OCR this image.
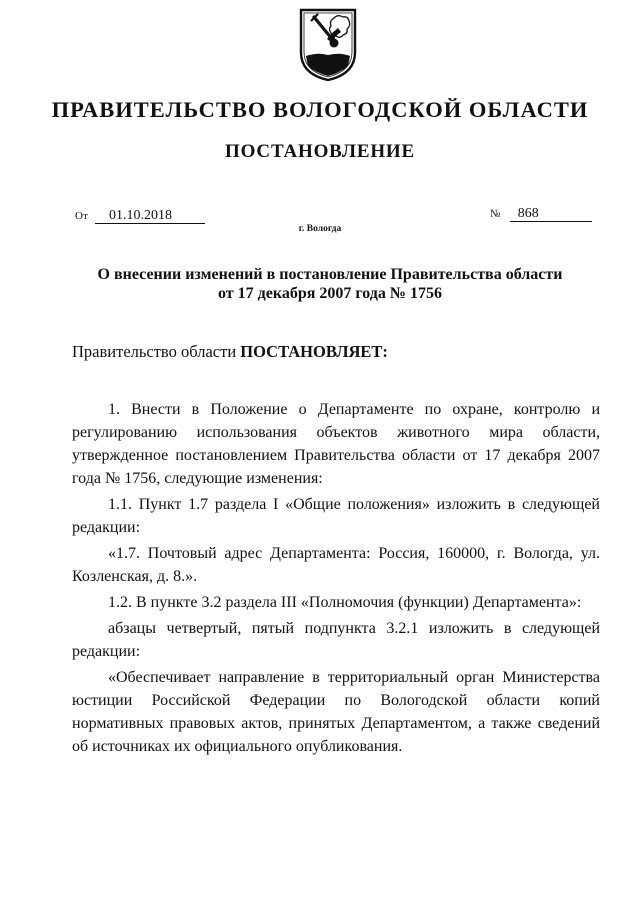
ПРАВИТЕЛЬСТВО ВОЛОГОДСКОЙ ОБЛАСТИ
ПОСТАНОВЛЕНИЕ
От 01.10.2018	№ 868
г. Вологда
О внесении изменений в постановление Правительства области
от 17 декабря 2007 года № 1756
Правительство области ПОСТАНОВЛЯЕТ:

1. Внести в Положение о Департаменте по охране, контролю и регулированию использования объектов животного мира области, утвержденное постановлением Правительства области от 17 декабря 2007 года № 1756, следующие изменения:

1.1. Пункт 1.7 раздела I «Общие положения» изложить в следующей редакции:

«1.7. Почтовый адрес Департамента: Россия, 160000, г. Вологда, ул. Козленская, д. 8.».

1.2. В пункте 3.2 раздела III «Полномочия (функции) Департамента»:

абзацы четвертый, пятый подпункта 3.2.1 изложить в следующей редакции:

«Обеспечивает направление в территориальный орган Министерства юстиции Российской Федерации по Вологодской области копий нормативных правовых актов, принятых Департаментом, а также сведений об источниках их официального опубликования.
